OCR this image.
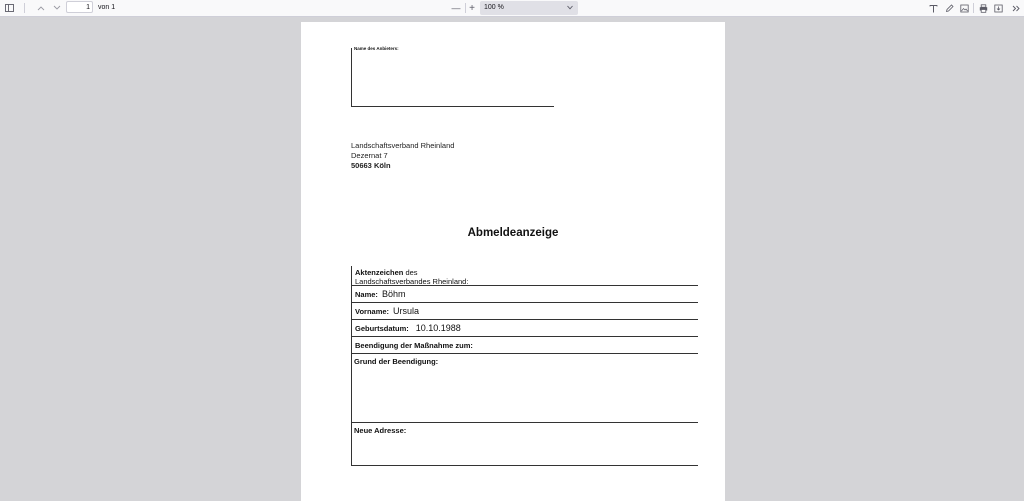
1	von 1	— +	100 %
Name des Anbieters:
Landschaftsverband Rheinland
Dezernat 7
50663 Köln
Abmeldeanzeige
Aktenzeichen des
Landschaftsverbandes Rheinland:
Name: Böhm
Vorname: Ursula
Geburtsdatum: 10.10.1988
Beendigung der Maßnahme zum:
Grund der Beendigung:
Neue Adresse:
